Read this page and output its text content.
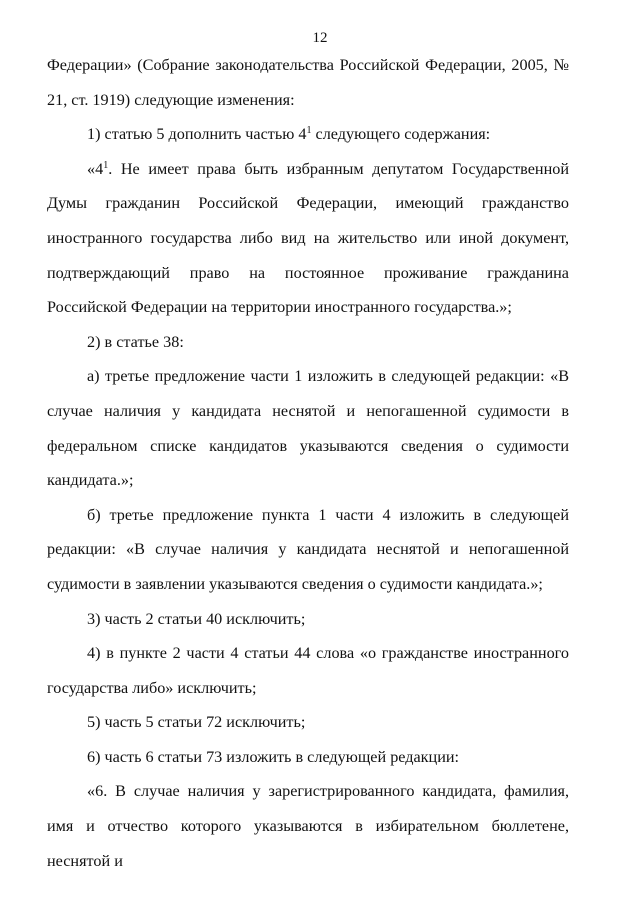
12

Федерации» (Собрание законодательства Российской Федерации, 2005, № 21, ст. 1919) следующие изменения:

1) статью 5 дополнить частью $4^1$ следующего содержания:

«$4^1$. Не имеет права быть избранным депутатом Государственной Думы гражданин Российской Федерации, имеющий гражданство иностранного государства либо вид на жительство или иной документ, подтверждающий право на постоянное проживание гражданина Российской Федерации на территории иностранного государства.»;

2) в статье 38:

а) третье предложение части 1 изложить в следующей редакции: «В случае наличия у кандидата неснятой и непогашенной судимости в федеральном списке кандидатов указываются сведения о судимости кандидата.»;

б) третье предложение пункта 1 части 4 изложить в следующей редакции: «В случае наличия у кандидата неснятой и непогашенной судимости в заявлении указываются сведения о судимости кандидата.»;

3) часть 2 статьи 40 исключить;

4) в пункте 2 части 4 статьи 44 слова «о гражданстве иностранного государства либо» исключить;

5) часть 5 статьи 72 исключить;

6) часть 6 статьи 73 изложить в следующей редакции:

«6. В случае наличия у зарегистрированного кандидата, фамилия, имя и отчество которого указываются в избирательном бюллетене, неснятой и
